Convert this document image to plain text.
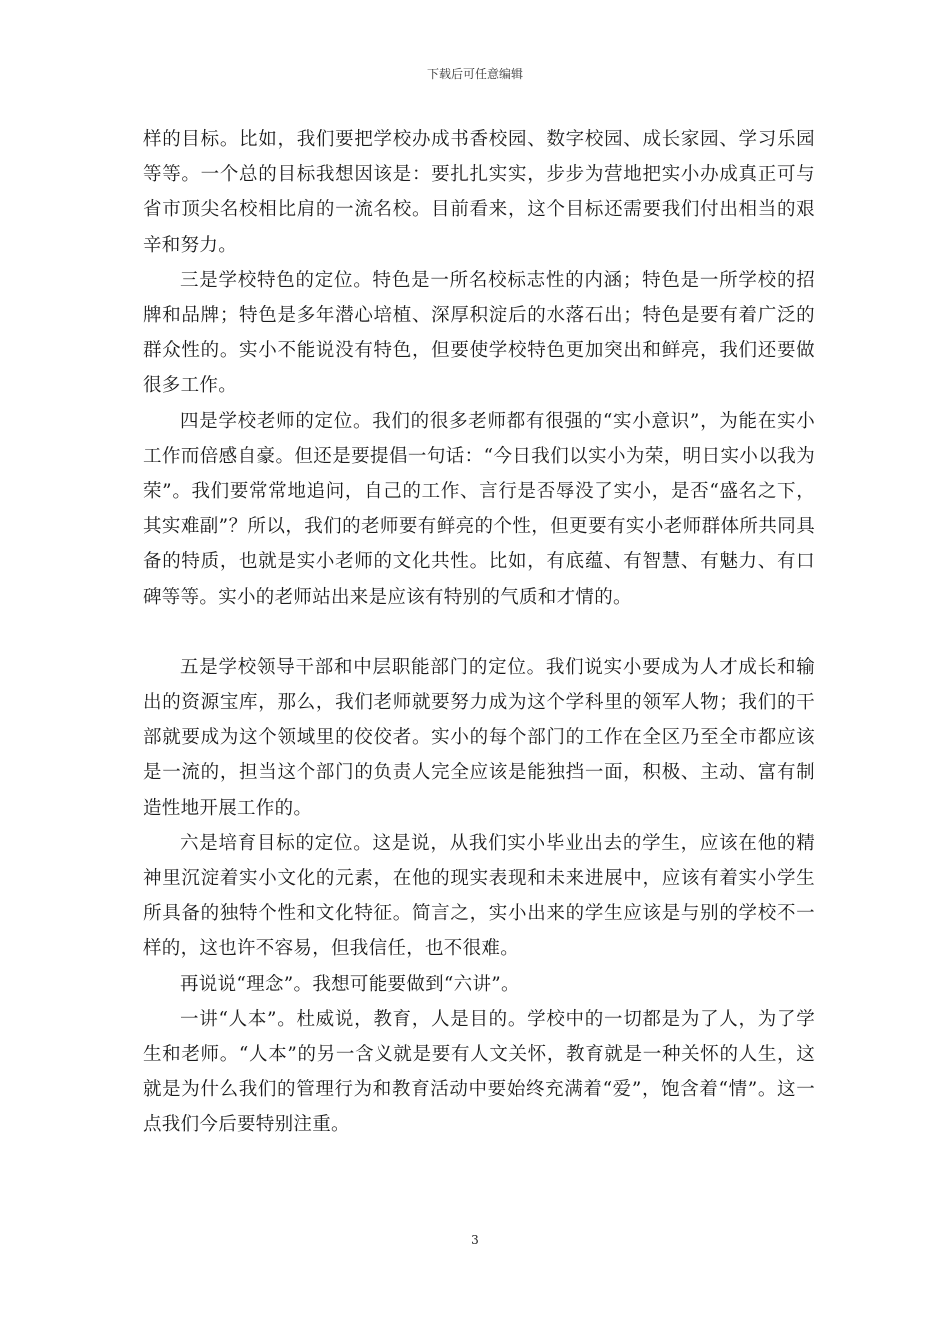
下载后可任意编辑

样的目标。比如，我们要把学校办成书香校园、数字校园、成长家园、学习乐园等等。一个总的目标我想因该是：要扎扎实实，步步为营地把实小办成真正可与省市顶尖名校相比肩的一流名校。目前看来，这个目标还需要我们付出相当的艰辛和努力。

三是学校特色的定位。特色是一所名校标志性的内涵；特色是一所学校的招牌和品牌；特色是多年潜心培植、深厚积淀后的水落石出；特色是要有着广泛的群众性的。实小不能说没有特色，但要使学校特色更加突出和鲜亮，我们还要做很多工作。

四是学校老师的定位。我们的很多老师都有很强的“实小意识”，为能在实小工作而倍感自豪。但还是要提倡一句话：“今日我们以实小为荣，明日实小以我为荣”。我们要常常地追问，自己的工作、言行是否辱没了实小，是否“盛名之下，其实难副”？所以，我们的老师要有鲜亮的个性，但更要有实小老师群体所共同具备的特质，也就是实小老师的文化共性。比如，有底蕴、有智慧、有魅力、有口碑等等。实小的老师站出来是应该有特别的气质和才情的。

五是学校领导干部和中层职能部门的定位。我们说实小要成为人才成长和输出的资源宝库，那么，我们老师就要努力成为这个学科里的领军人物；我们的干部就要成为这个领域里的佼佼者。实小的每个部门的工作在全区乃至全市都应该是一流的，担当这个部门的负责人完全应该是能独挡一面，积极、主动、富有制造性地开展工作的。

六是培育目标的定位。这是说，从我们实小毕业出去的学生，应该在他的精神里沉淀着实小文化的元素，在他的现实表现和未来进展中，应该有着实小学生所具备的独特个性和文化特征。简言之，实小出来的学生应该是与别的学校不一样的，这也许不容易，但我信任，也不很难。

再说说“理念”。我想可能要做到“六讲”。

一讲“人本”。杜威说，教育，人是目的。学校中的一切都是为了人，为了学生和老师。“人本”的另一含义就是要有人文关怀，教育就是一种关怀的人生，这就是为什么我们的管理行为和教育活动中要始终充满着“爱”，饱含着“情”。这一点我们今后要特别注重。

3
